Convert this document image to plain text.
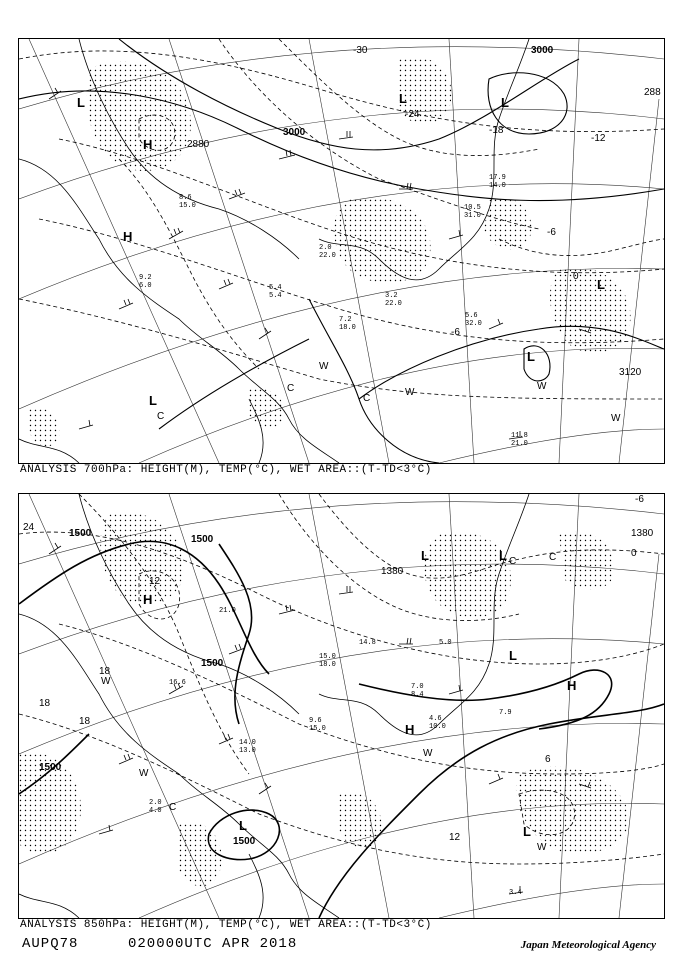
9.2
6.0	5.4
5.4
2.0
22.0
3.2
22.0
7.2
18.0
5.6
32.0
11.8
21.0
8.6
15.0
17.9
14.0
10.5
31.0
3000
3000
3120
2880
288
-30
-12
0
-6
-6
-24
-18
L	L	L
L
L
L
H
H
W
W
W
W
C
C
C
ANALYSIS 700hPa: HEIGHT(M), TEMP(°C), WET AREA::(T-TD<3°C)
14.0
13.0
9.6
15.0
7.0
8.4
4.6
10.0
15.0
18.0
3.4
16.6
14.8
7.9
5.0
21.0
2.0
4.0
1500
1500
1500
1500
1500
1380
1380
24
18
18
12
12
6
0
-6
18
L	L
L
L
L
H
H
H
W
W
W
W
C
C	C
ANALYSIS 850hPa: HEIGHT(M), TEMP(°C), WET AREA::(T-TD<3°C)
AUPQ78	020000UTC APR 2018	Japan Meteorological Agency
